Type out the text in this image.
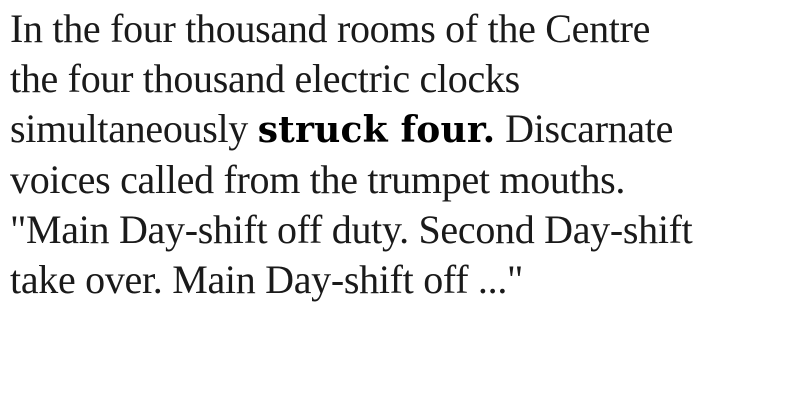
In the four thousand rooms of the Centre
the four thousand electric clocks
simultaneously struck four. Discarnate
voices called from the trumpet mouths.
"Main Day-shift off duty. Second Day-shift
take over. Main Day-shift off ..."
